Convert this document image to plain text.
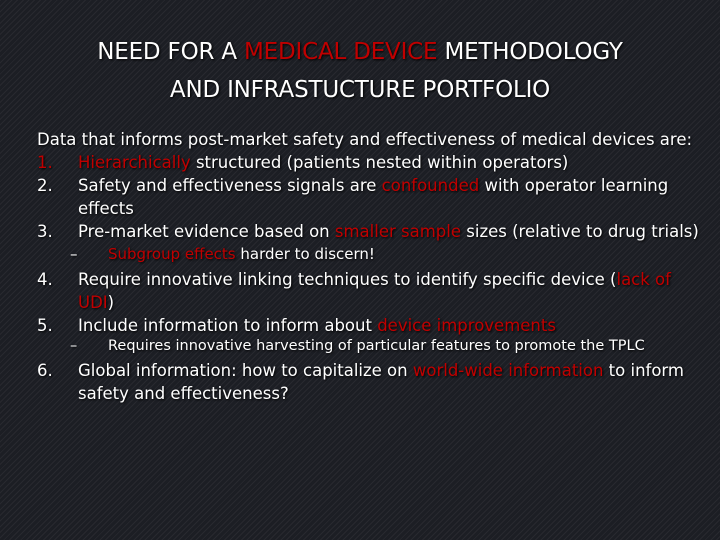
NEED FOR A MEDICAL DEVICE METHODOLOGY
AND INFRASTUCTURE PORTFOLIO

Data that informs post-market safety and effectiveness of medical devices are:

1. Hierarchically structured (patients nested within operators)

2. Safety and effectiveness signals are confounded with operator learning effects

3. Pre-market evidence based on smaller sample sizes (relative to drug trials)

– Subgroup effects harder to discern!

4. Require innovative linking techniques to identify specific device (lack of UDI)

5. Include information to inform about device improvements

– Requires innovative harvesting of particular features to promote the TPLC

6. Global information: how to capitalize on world-wide information to inform safety and effectiveness?
